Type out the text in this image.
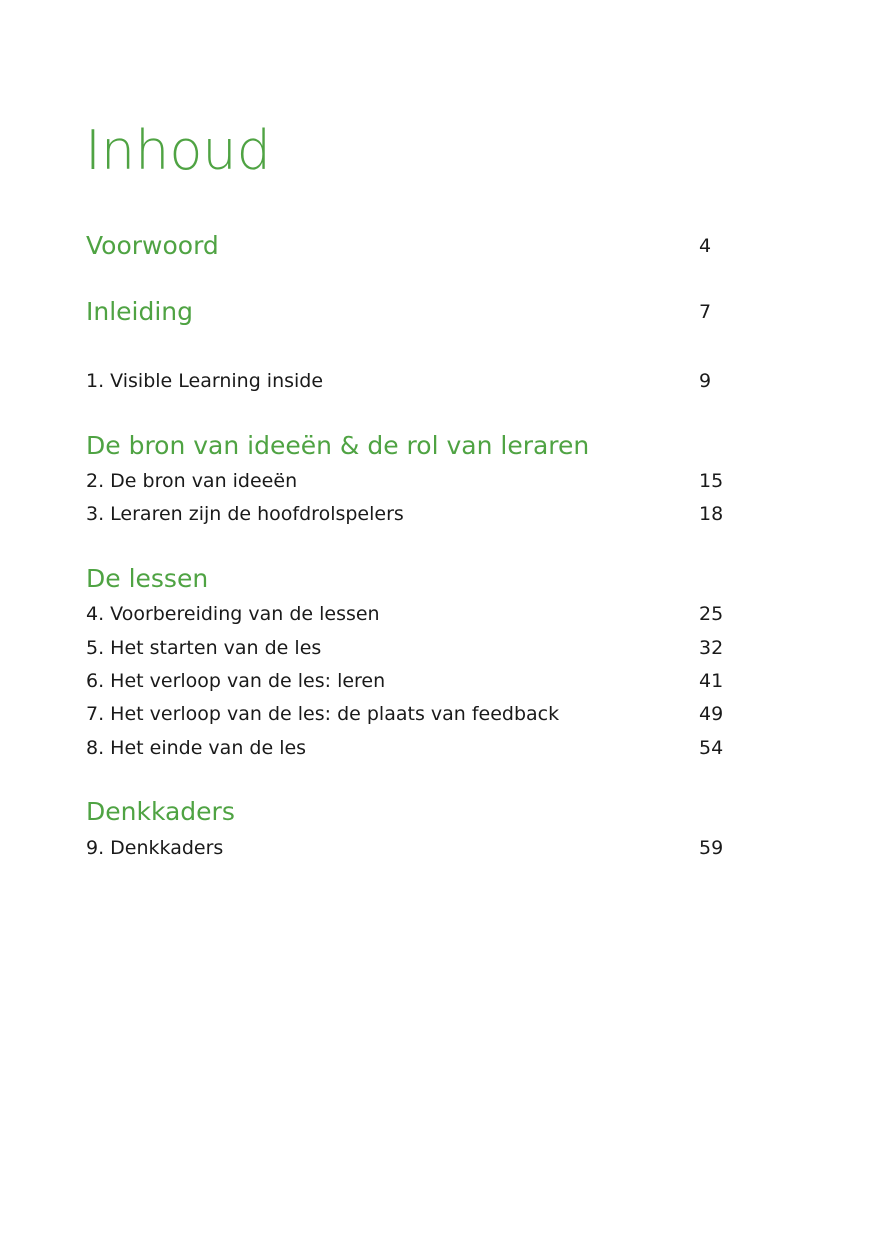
Inhoud
Voorwoord	4
Inleiding	7
1. Visible Learning inside	9
De bron van ideeën & de rol van leraren
2. De bron van ideeën	15
3. Leraren zijn de hoofdrolspelers	18
De lessen
4. Voorbereiding van de lessen	25
5. Het starten van de les	32
6. Het verloop van de les: leren	41
7. Het verloop van de les: de plaats van feedback	49
8. Het einde van de les	54
Denkkaders
9. Denkkaders	59
